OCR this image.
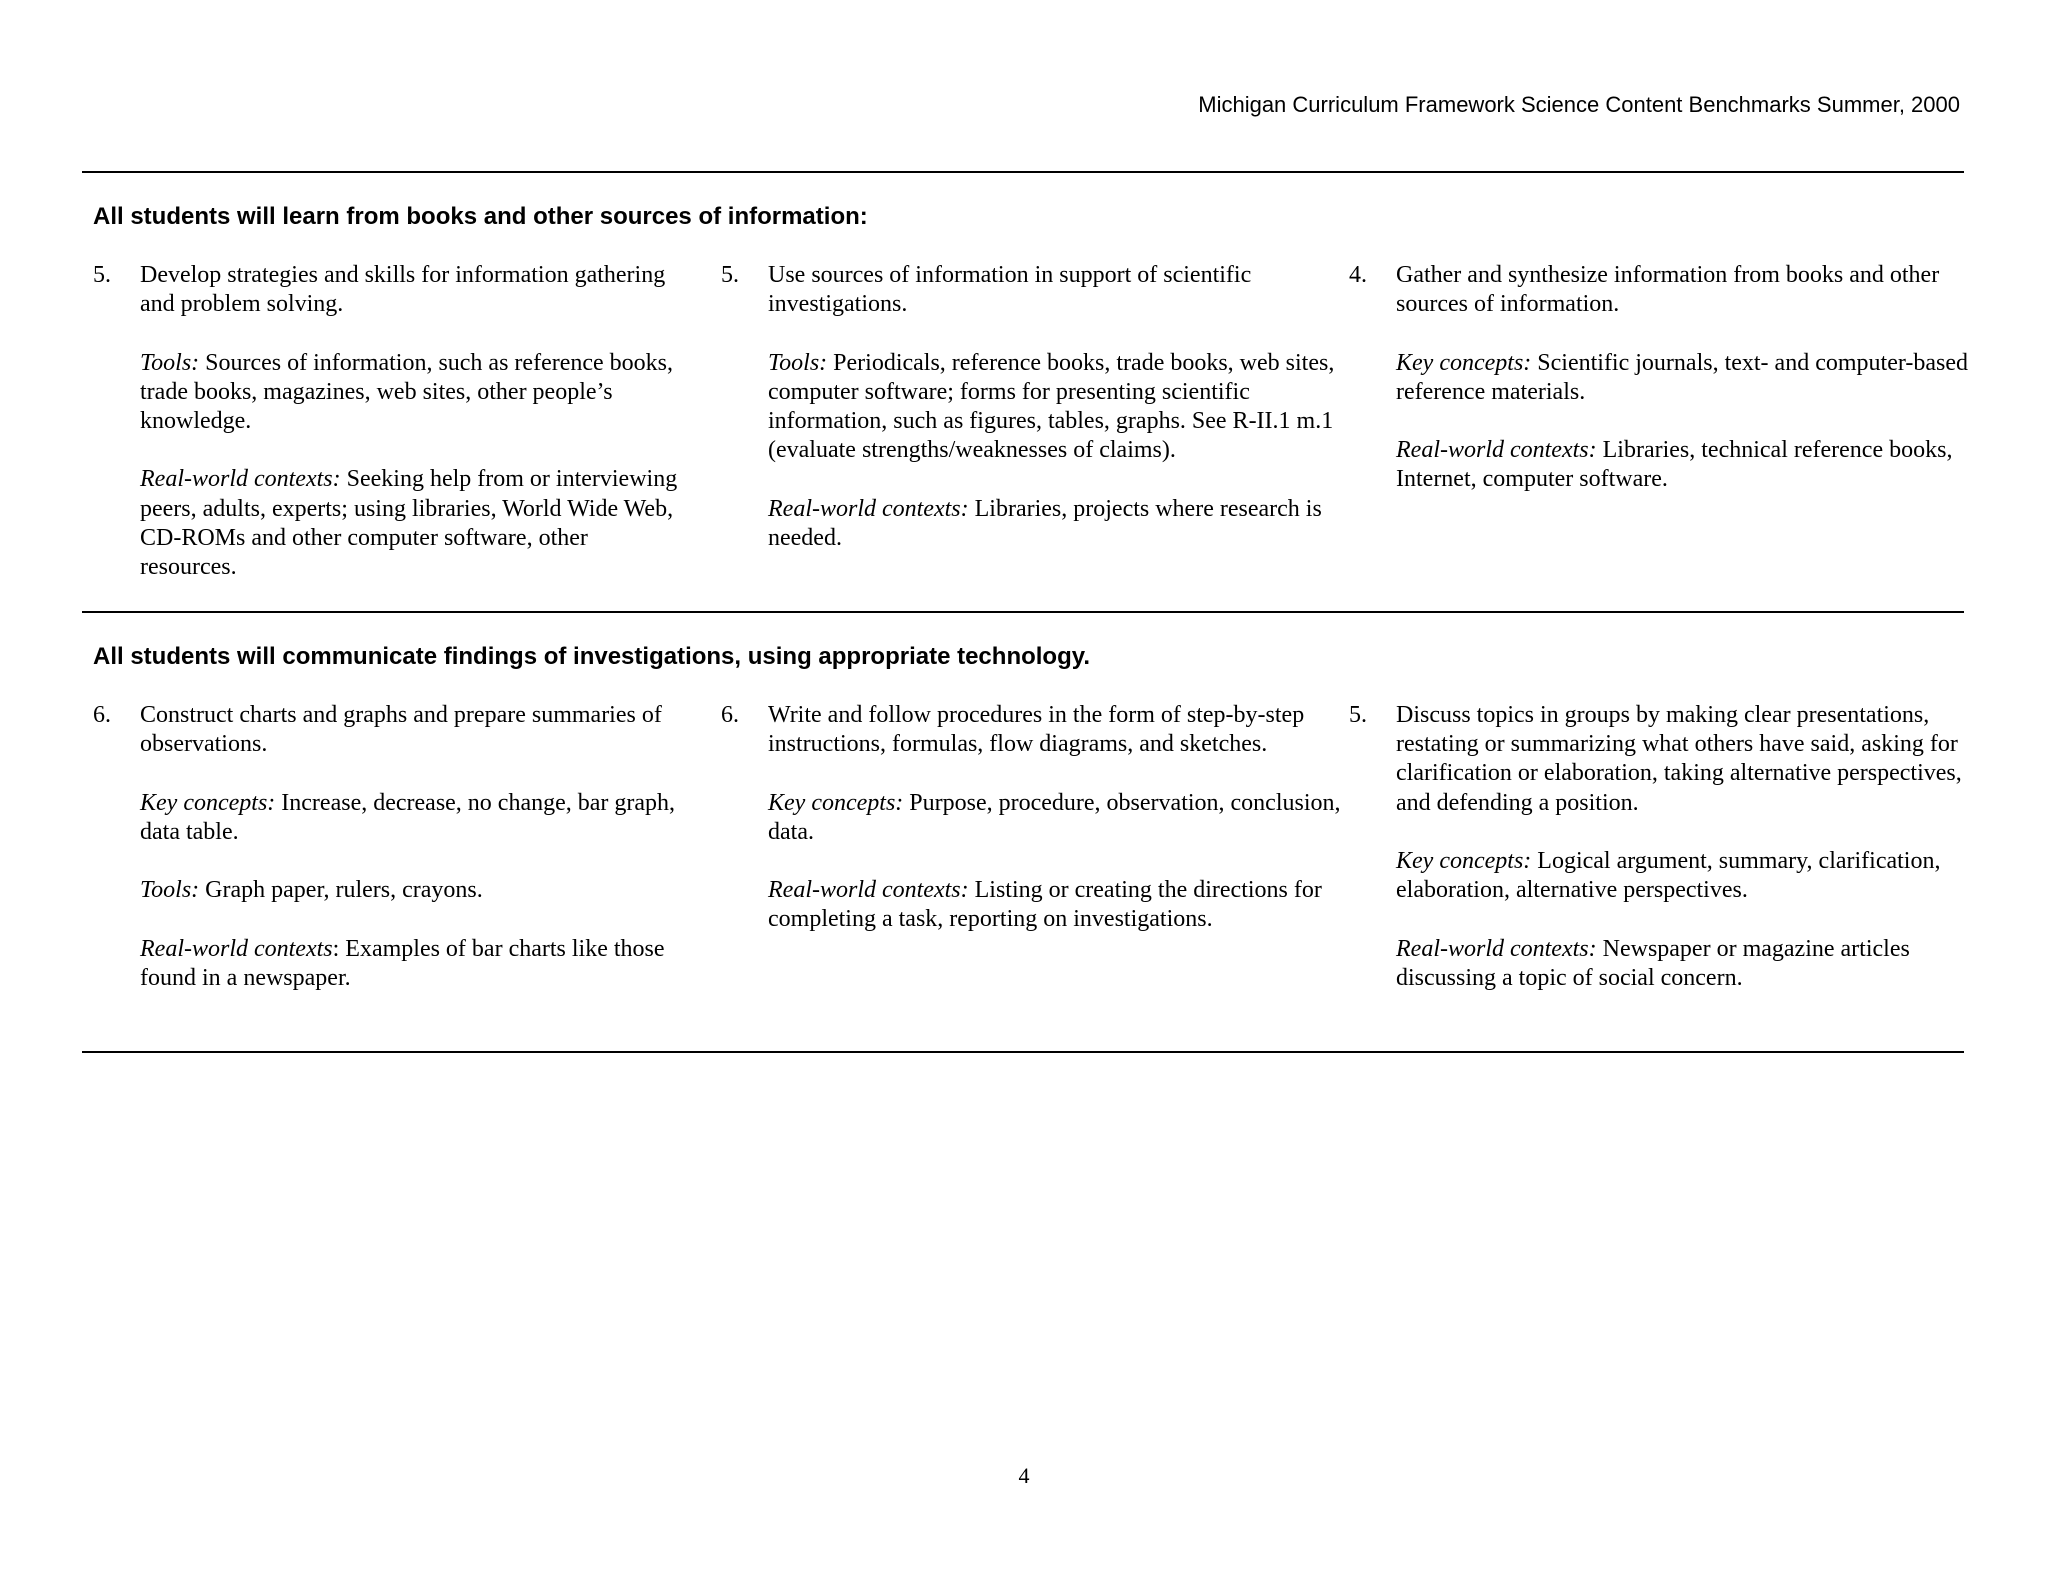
Michigan Curriculum Framework Science Content Benchmarks Summer, 2000
All students will learn from books and other sources of information:
5. Develop strategies and skills for information gathering and problem solving.

Tools: Sources of information, such as reference books, trade books, magazines, web sites, other people’s knowledge.

Real-world contexts: Seeking help from or interviewing peers, adults, experts; using libraries, World Wide Web, CD-ROMs and other computer software, other resources.

5. Use sources of information in support of scientific investigations.

Tools: Periodicals, reference books, trade books, web sites, computer software; forms for presenting scientific information, such as figures, tables, graphs. See R-II.1 m.1 (evaluate strengths/weaknesses of claims).

Real-world contexts: Libraries, projects where research is needed.

4. Gather and synthesize information from books and other sources of information.

Key concepts: Scientific journals, text- and computer-based reference materials.

Real-world contexts: Libraries, technical reference books, Internet, computer software.

All students will communicate findings of investigations, using appropriate technology.
6. Construct charts and graphs and prepare summaries of observations.

Key concepts: Increase, decrease, no change, bar graph, data table.

Tools: Graph paper, rulers, crayons.

Real-world contexts: Examples of bar charts like those found in a newspaper.

6. Write and follow procedures in the form of step-by-step instructions, formulas, flow diagrams, and sketches.

Key concepts: Purpose, procedure, observation, conclusion, data.

Real-world contexts: Listing or creating the directions for completing a task, reporting on investigations.

5. Discuss topics in groups by making clear presentations, restating or summarizing what others have said, asking for clarification or elaboration, taking alternative perspectives, and defending a position.

Key concepts: Logical argument, summary, clarification, elaboration, alternative perspectives.

Real-world contexts: Newspaper or magazine articles discussing a topic of social concern.

4
